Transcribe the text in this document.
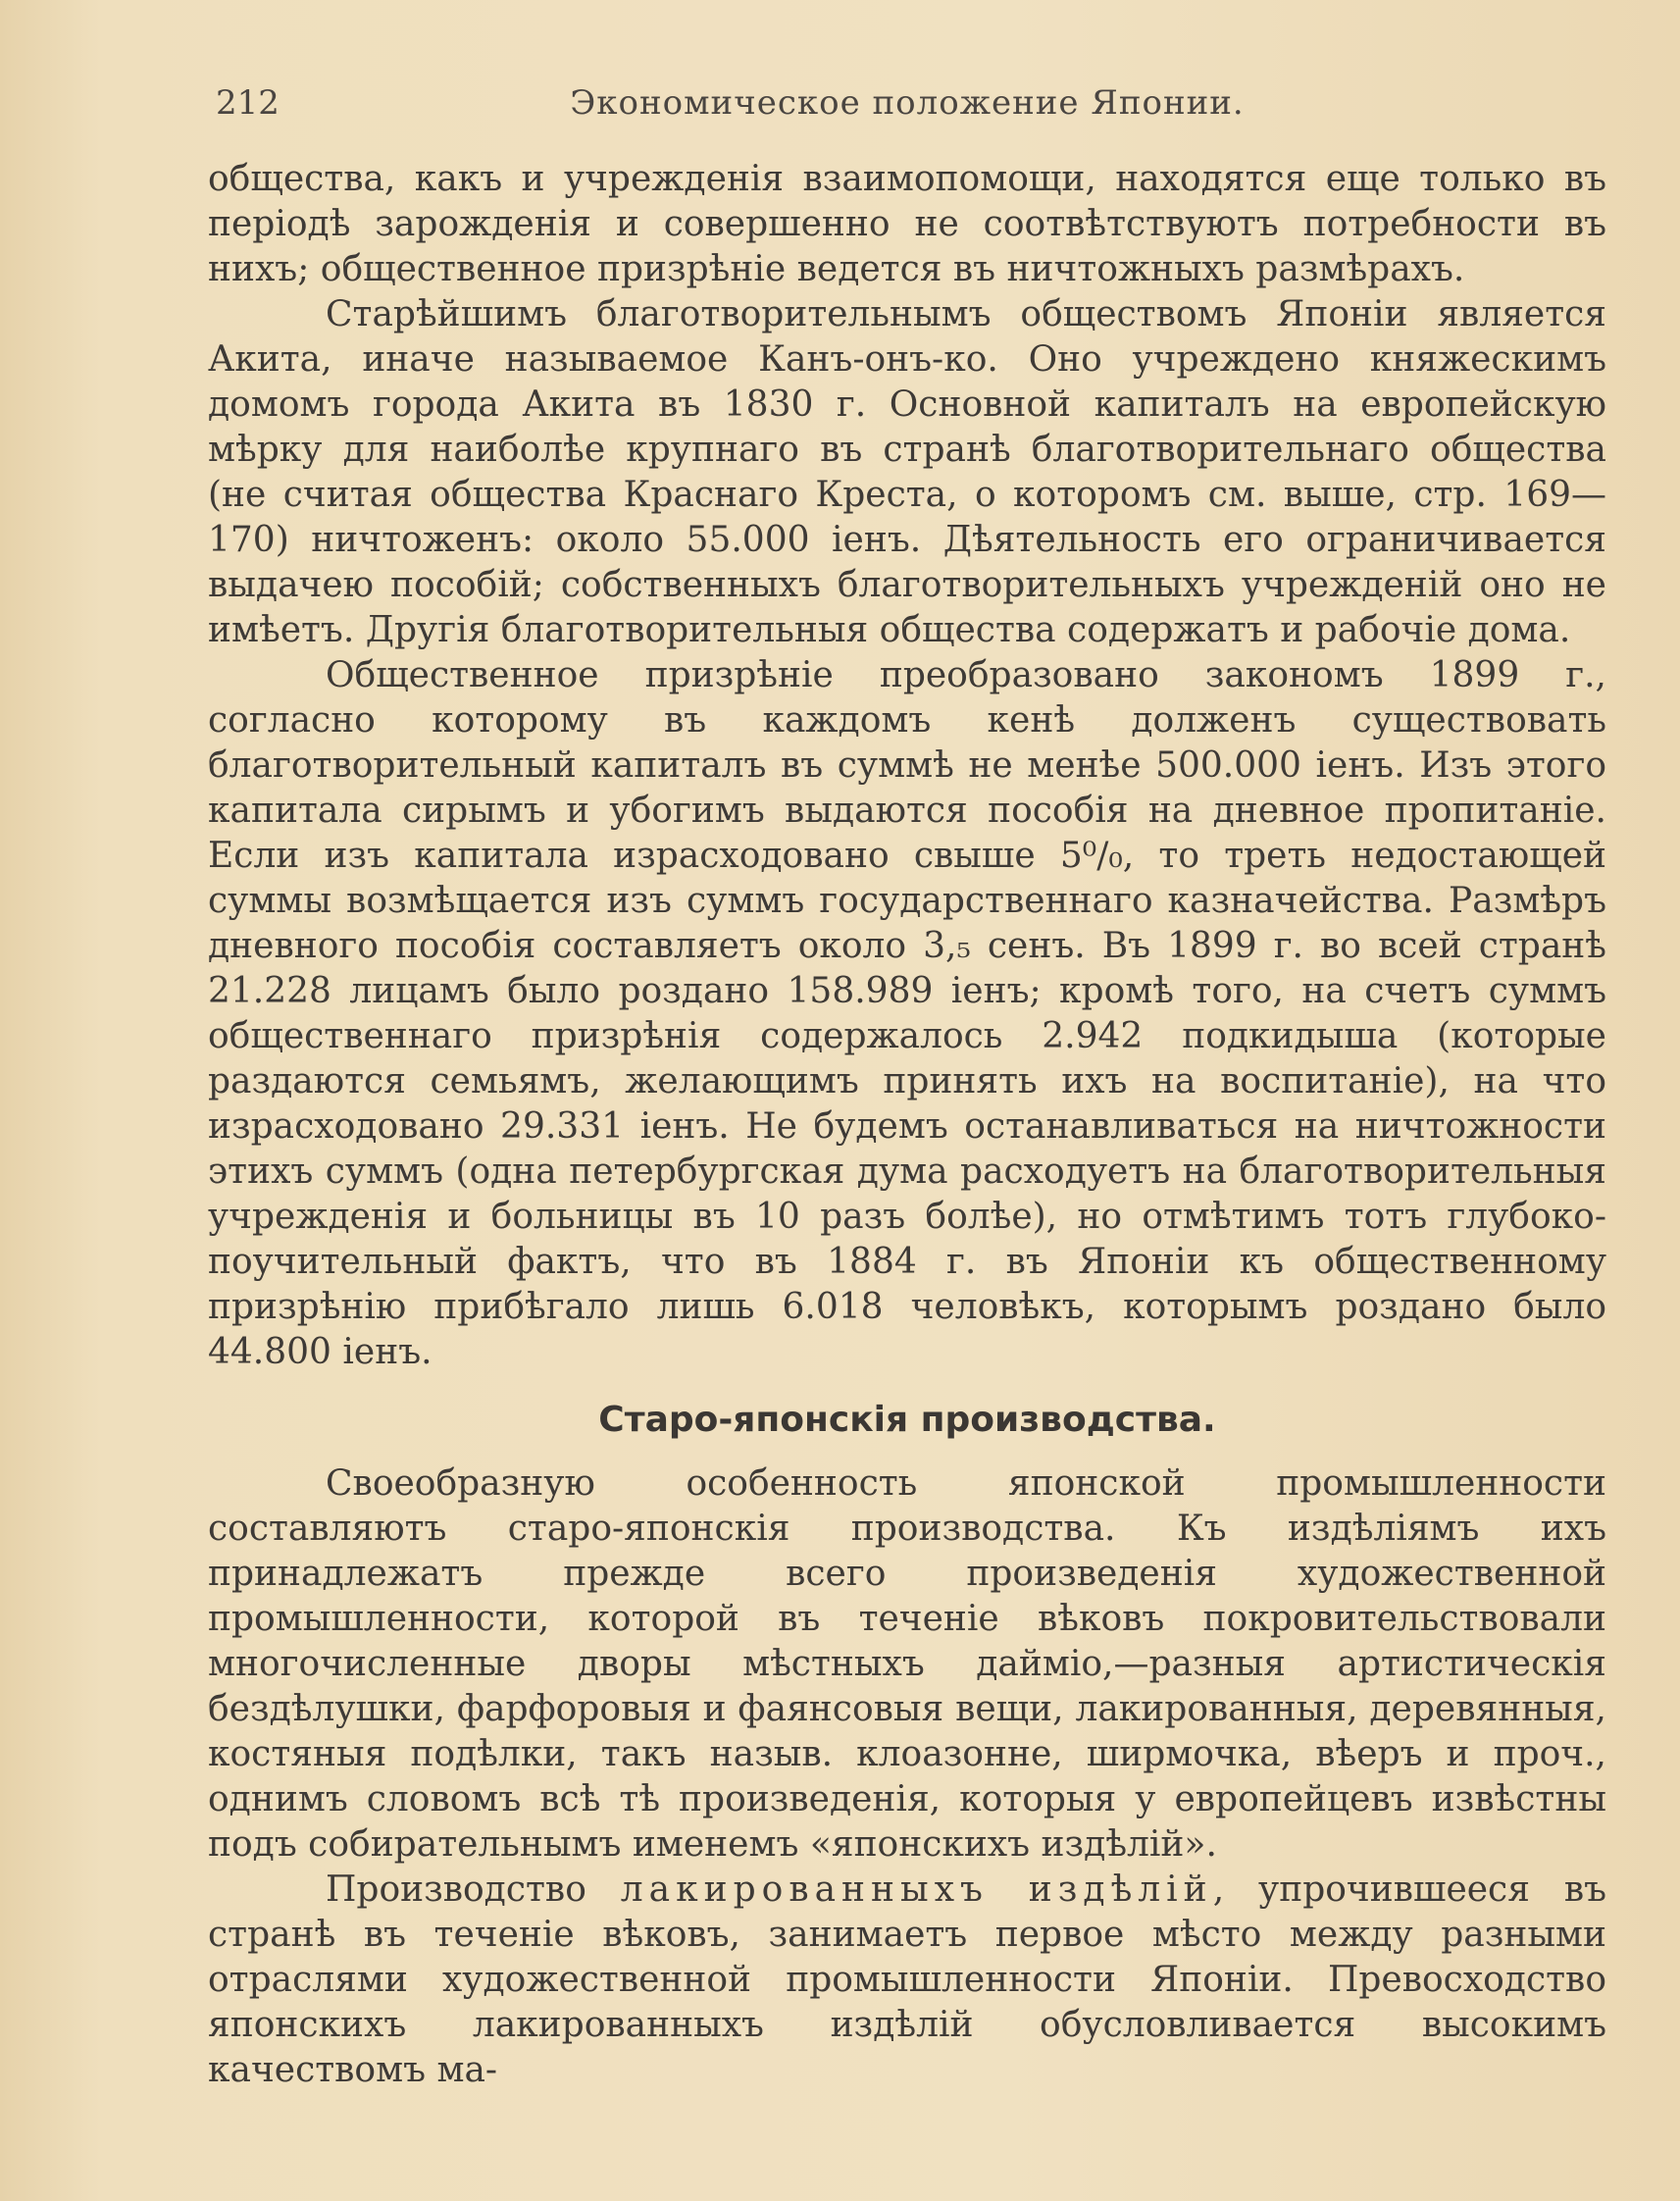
212	Экономическое положение Японии.

общества, какъ и учрежденія взаимопомощи, находятся еще только въ періодѣ зарожденія и совершенно не соотвѣтствуютъ потребности въ нихъ; общественное призрѣніе ведется въ ничтожныхъ размѣрахъ.

Старѣйшимъ благотворительнымъ обществомъ Японіи является Акита, иначе называемое Канъ-онъ-ко. Оно учреждено княжескимъ домомъ города Акита въ 1830 г. Основной капиталъ на европейскую мѣрку для наиболѣе крупнаго въ странѣ благотворительнаго общества (не считая общества Краснаго Креста, о которомъ см. выше, стр. 169—170) ничтоженъ: около 55.000 іенъ. Дѣятельность его ограничивается выдачею пособій; собственныхъ благотворительныхъ учрежденій оно не имѣетъ. Другія благотворительныя общества содержатъ и рабочіе дома.

Общественное призрѣніе преобразовано закономъ 1899 г., согласно которому въ каждомъ кенѣ долженъ существовать благотворительный капиталъ въ суммѣ не менѣе 500.000 іенъ. Изъ этого капитала сирымъ и убогимъ выдаются пособія на дневное пропитаніе. Если изъ капитала израсходовано свыше 5⁰/₀, то треть недостающей суммы возмѣщается изъ суммъ государственнаго казначейства. Размѣръ дневного пособія составляетъ около 3,₅ сенъ. Въ 1899 г. во всей странѣ 21.228 лицамъ было роздано 158.989 іенъ; кромѣ того, на счетъ суммъ общественнаго призрѣнія содержалось 2.942 подкидыша (которые раздаются семьямъ, желающимъ принять ихъ на воспитаніе), на что израсходовано 29.331 іенъ. Не будемъ останавливаться на ничтожности этихъ суммъ (одна петербургская дума расходуетъ на благотворительныя учрежденія и больницы въ 10 разъ болѣе), но отмѣтимъ тотъ глубоко-поучительный фактъ, что въ 1884 г. въ Японіи къ общественному призрѣнію прибѣгало лишь 6.018 человѣкъ, которымъ роздано было 44.800 іенъ.

Старо-японскія производства.

Своеобразную особенность японской промышленности составляютъ старо-японскія производства. Къ издѣліямъ ихъ принадлежатъ прежде всего произведенія художественной промышленности, которой въ теченіе вѣковъ покровительствовали многочисленные дворы мѣстныхъ дайміо,—разныя артистическія бездѣлушки, фарфоровыя и фаянсовыя вещи, лакированныя, деревянныя, костяныя подѣлки, такъ назыв. клоазонне, ширмочка, вѣеръ и проч., однимъ словомъ всѣ тѣ произведенія, которыя у европейцевъ извѣстны подъ собирательнымъ именемъ «японскихъ издѣлій».

Производство лакированныхъ издѣлій, упрочившееся въ странѣ въ теченіе вѣковъ, занимаетъ первое мѣсто между разными отраслями художественной промышленности Японіи. Превосходство японскихъ лакированныхъ издѣлій обусловливается высокимъ качествомъ ма-
